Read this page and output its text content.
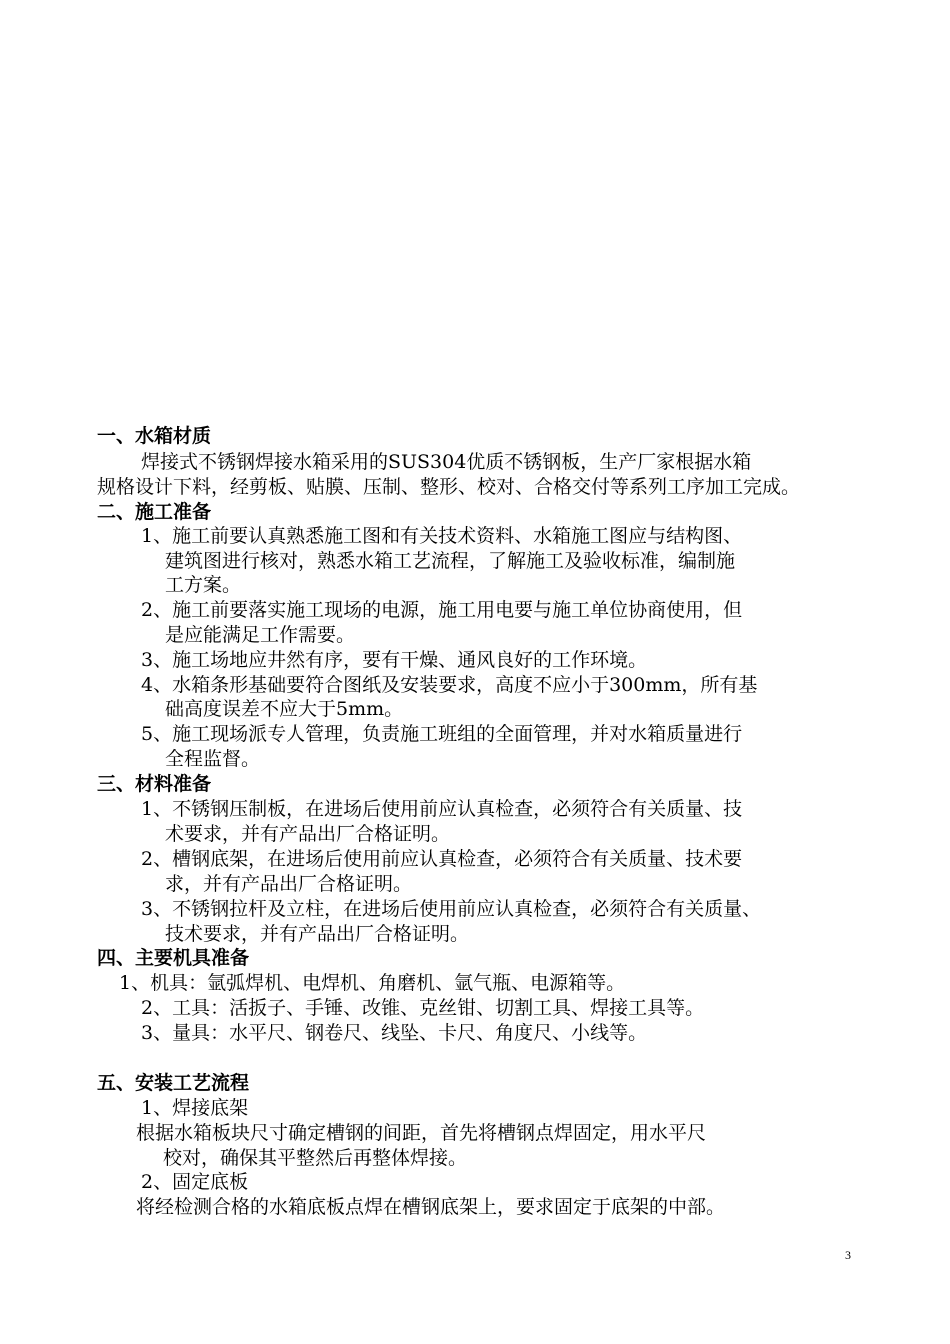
一、水箱材质
焊接式不锈钢焊接水箱采用的SUS304优质不锈钢板，生产厂家根据水箱
规格设计下料，经剪板、贴膜、压制、整形、校对、合格交付等系列工序加工完成。
二、施工准备
1、施工前要认真熟悉施工图和有关技术资料、水箱施工图应与结构图、
建筑图进行核对，熟悉水箱工艺流程，了解施工及验收标准，编制施
工方案。
2、施工前要落实施工现场的电源，施工用电要与施工单位协商使用，但
是应能满足工作需要。
3、施工场地应井然有序，要有干燥、通风良好的工作环境。
4、水箱条形基础要符合图纸及安装要求，高度不应小于300mm，所有基
础高度误差不应大于5mm。
5、施工现场派专人管理，负责施工班组的全面管理，并对水箱质量进行
全程监督。
三、材料准备
1、不锈钢压制板，在进场后使用前应认真检查，必须符合有关质量、技
术要求，并有产品出厂合格证明。
2、槽钢底架，在进场后使用前应认真检查，必须符合有关质量、技术要
求，并有产品出厂合格证明。
3、不锈钢拉杆及立柱，在进场后使用前应认真检查，必须符合有关质量、
技术要求，并有产品出厂合格证明。
四、主要机具准备
1、机具：氩弧焊机、电焊机、角磨机、氩气瓶、电源箱等。
2、工具：活扳子、手锤、改锥、克丝钳、切割工具、焊接工具等。
3、量具：水平尺、钢卷尺、线坠、卡尺、角度尺、小线等。
五、安装工艺流程
1、焊接底架
根据水箱板块尺寸确定槽钢的间距，首先将槽钢点焊固定，用水平尺
校对，确保其平整然后再整体焊接。
2、固定底板
将经检测合格的水箱底板点焊在槽钢底架上，要求固定于底架的中部。
3
